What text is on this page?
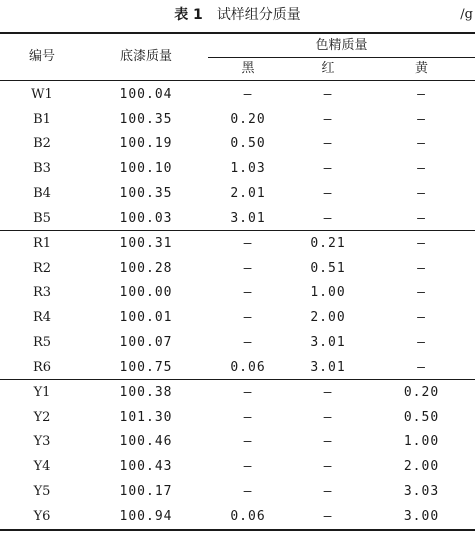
表 1 试样组分质量	/g
编号	底漆质量
色精质量
黑	红	黄
W1	100.04	—	—	—
B1	100.35	0.20	—	—
B2	100.19	0.50	—	—
B3	100.10	1.03	—	—
B4	100.35	2.01	—	—
B5	100.03	3.01	—	—
R1	100.31	—	0.21	—
R2	100.28	—	0.51	—
R3	100.00	—	1.00	—
R4	100.01	—	2.00	—
R5	100.07	—	3.01	—
R6	100.75	0.06	3.01	—
Y1	100.38	—	—	0.20
Y2	101.30	—	—	0.50
Y3	100.46	—	—	1.00
Y4	100.43	—	—	2.00
Y5	100.17	—	—	3.03
Y6	100.94	0.06	—	3.00
